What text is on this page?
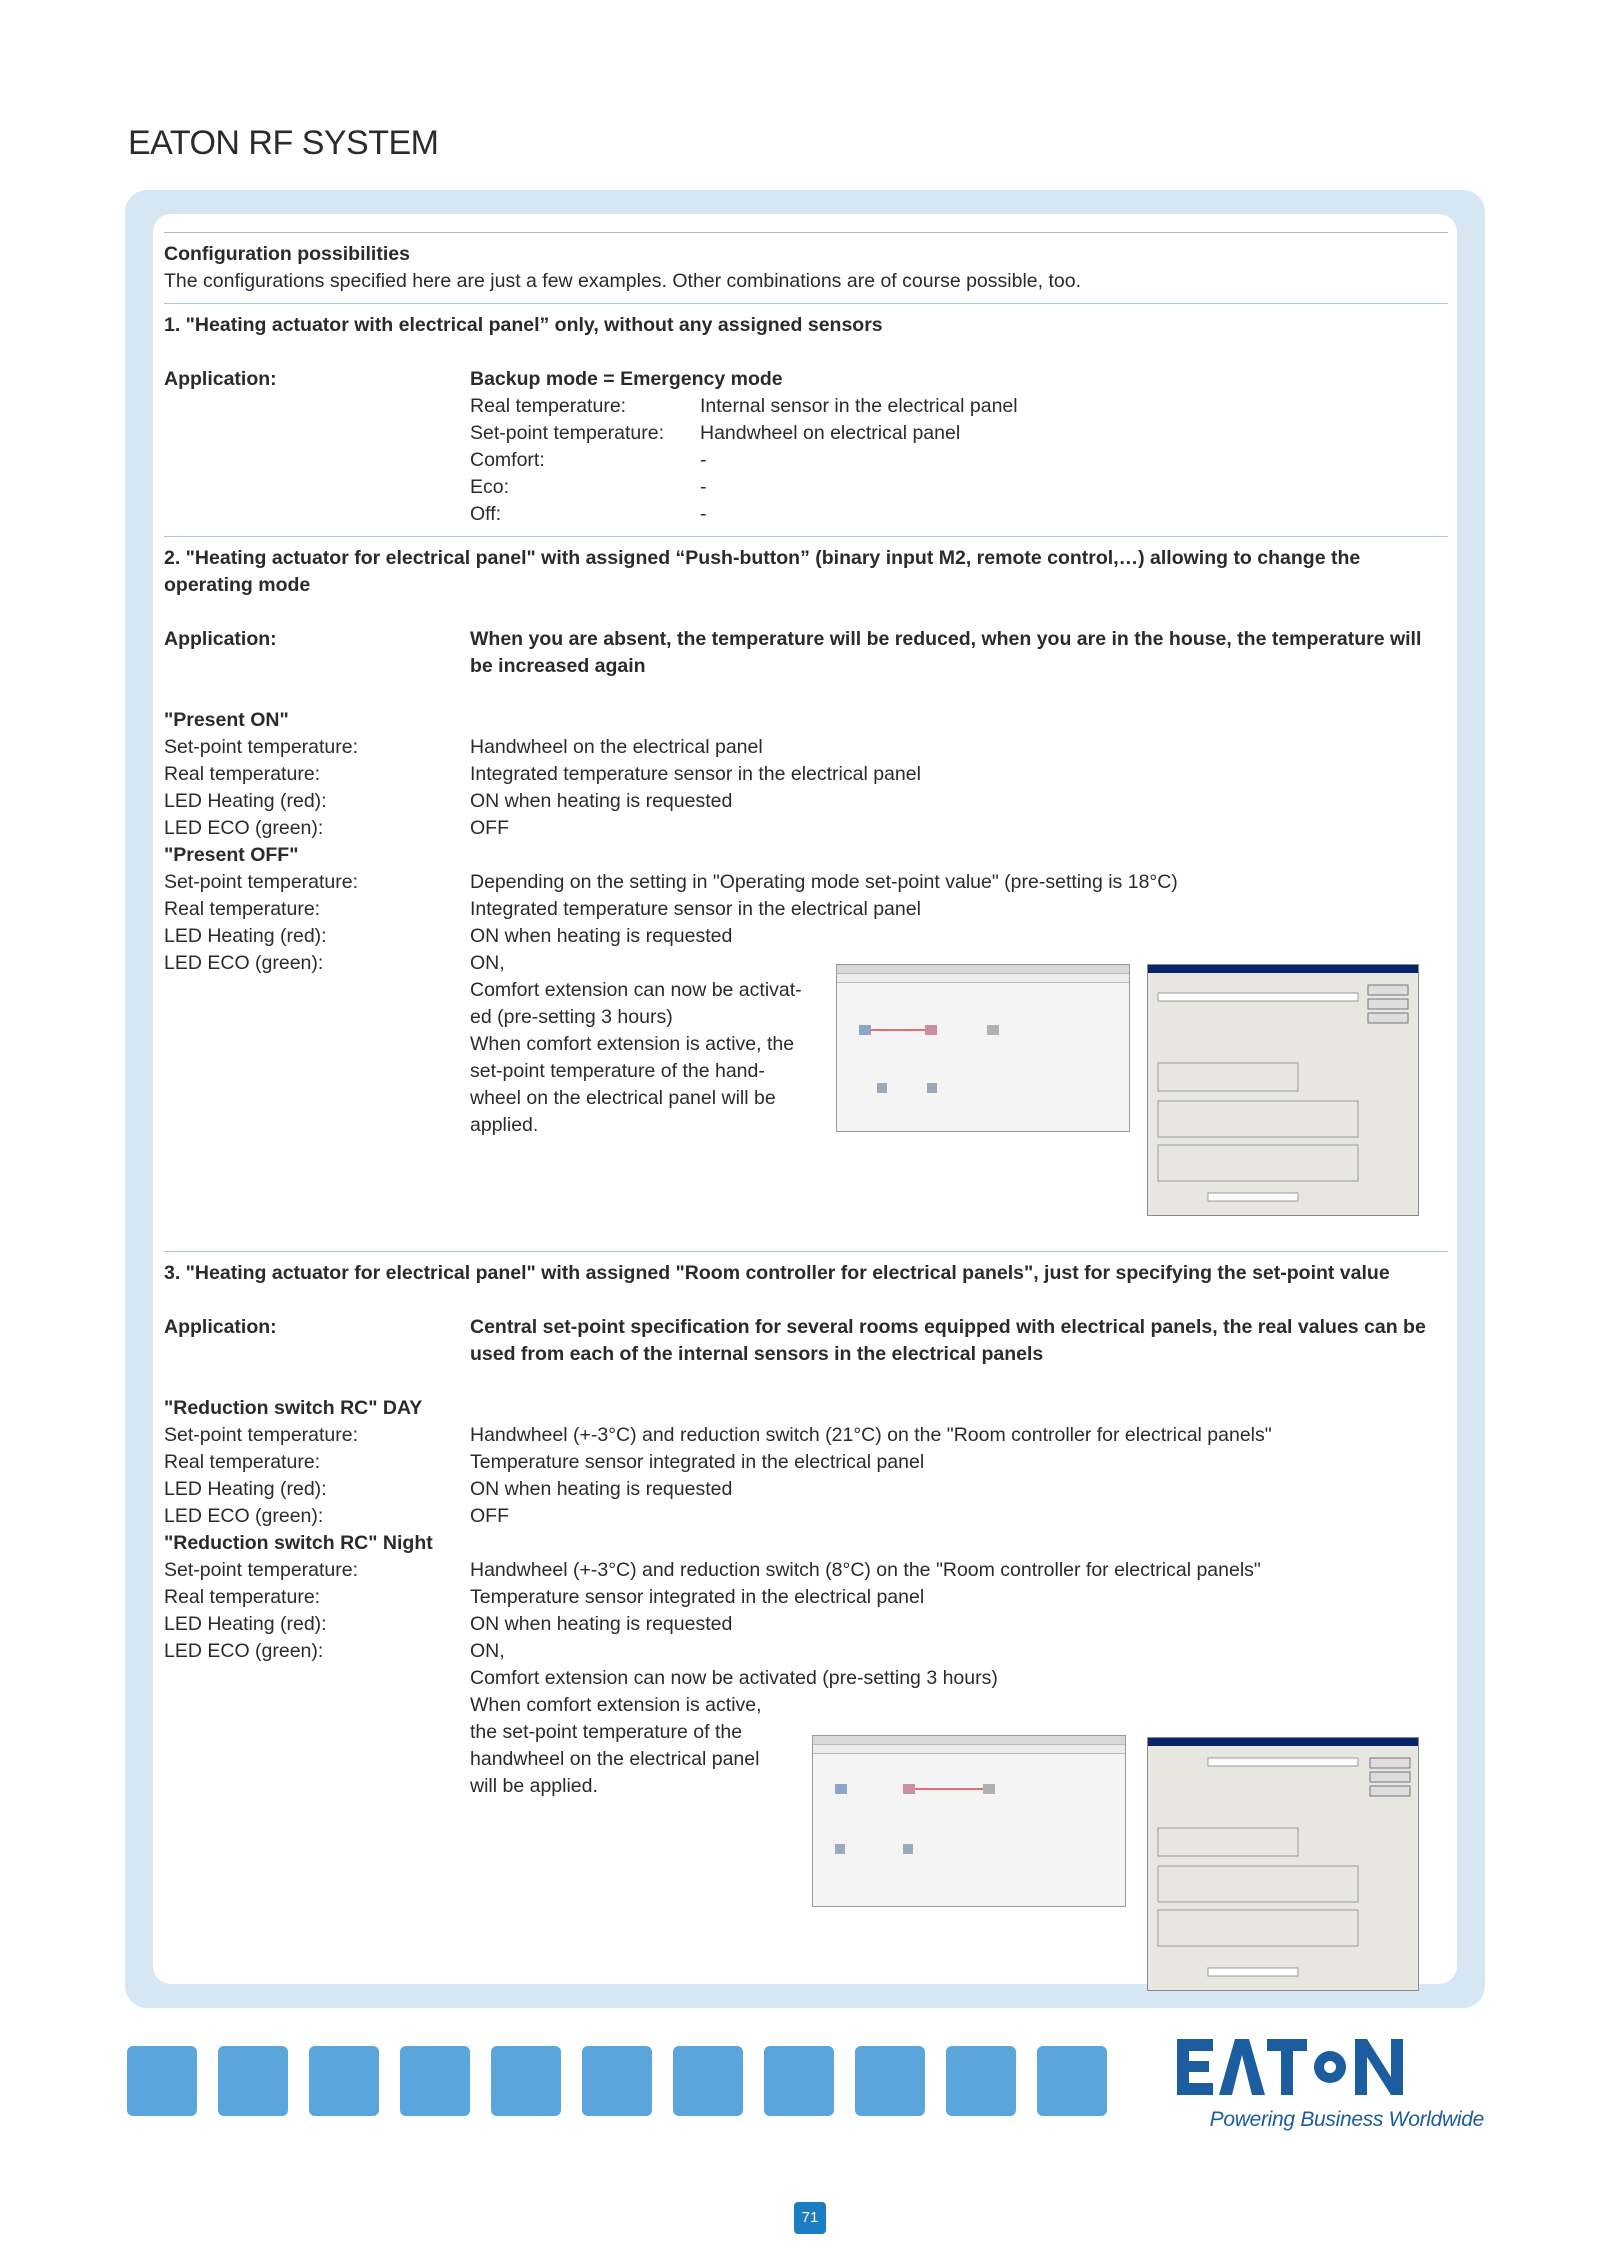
EATON RF SYSTEM
Configuration possibilities
The configurations specified here are just a few examples. Other combinations are of course possible, too.
1. "Heating actuator with electrical panel” only, without any assigned sensors
Application:	Backup mode = Emergency mode
Real temperature:	Internal sensor in the electrical panel
Set-point temperature:	Handwheel on electrical panel
Comfort:	-
Eco:	-
Off:	-
2. "Heating actuator for electrical panel" with assigned “Push-button” (binary input M2, remote control,…) allowing to change the operating mode
Application:	When you are absent, the temperature will be reduced, when you are in the house, the temperature will be increased again
"Present ON"
Set-point temperature:	Handwheel on the electrical panel
Real temperature:	Integrated temperature sensor in the electrical panel
LED Heating (red):	ON when heating is requested
LED ECO (green):	OFF
"Present OFF"
Set-point temperature:	Depending on the setting in "Operating mode set-point value" (pre-setting is 18°C)
Real temperature:	Integrated temperature sensor in the electrical panel
LED Heating (red):	ON when heating is requested
LED ECO (green):	ON,
Comfort extension can now be activat-
ed (pre-setting 3 hours)
When comfort extension is active, the
set-point temperature of the hand-
wheel on the electrical panel will be
applied.
3. "Heating actuator for electrical panel" with assigned "Room controller for electrical panels", just for specifying the set-point value
Application:	Central set-point specification for several rooms equipped with electrical panels, the real values can be used from each of the internal sensors in the electrical panels
"Reduction switch RC" DAY
Set-point temperature:	Handwheel (+-3°C) and reduction switch (21°C) on the "Room controller for electrical panels"
Real temperature:	Temperature sensor integrated in the electrical panel
LED Heating (red):	ON when heating is requested
LED ECO (green):	OFF
"Reduction switch RC" Night
Set-point temperature:	Handwheel (+-3°C) and reduction switch (8°C) on the "Room controller for electrical panels"
Real temperature:	Temperature sensor integrated in the electrical panel
LED Heating (red):	ON when heating is requested
LED ECO (green):	ON,
Comfort extension can now be activated (pre-setting 3 hours)
When comfort extension is active,
the set-point temperature of the
handwheel on the electrical panel
will be applied.
Powering Business Worldwide
71
